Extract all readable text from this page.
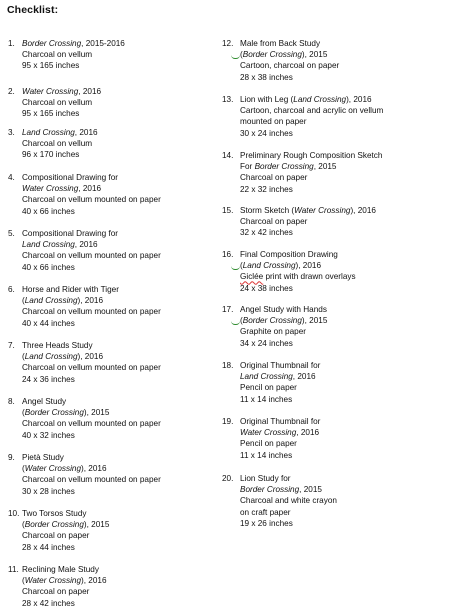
Checklist:
1. Border Crossing, 2015-2016
Charcoal on vellum
95 x 165 inches
2. Water Crossing, 2016
Charcoal on vellum
95 x 165 inches
3. Land Crossing, 2016
Charcoal on vellum
96 x 170 inches
4. Compositional Drawing for
Water Crossing, 2016
Charcoal on vellum mounted on paper
40 x 66 inches
5. Compositional Drawing for
Land Crossing, 2016
Charcoal on vellum mounted on paper
40 x 66 inches
6. Horse and Rider with Tiger
(Land Crossing), 2016
Charcoal on vellum mounted on paper
40 x 44 inches
7. Three Heads Study
(Land Crossing), 2016
Charcoal on vellum mounted on paper
24 x 36 inches
8. Angel Study
(Border Crossing), 2015
Charcoal on vellum mounted on paper
40 x 32 inches
9. Pietà Study
(Water Crossing), 2016
Charcoal on vellum mounted on paper
30 x 28 inches
10. Two Torsos Study
(Border Crossing), 2015
Charcoal on paper
28 x 44 inches
11. Reclining Male Study
(Water Crossing), 2016
Charcoal on paper
28 x 42 inches
12. Male from Back Study
(Border Crossing), 2015
Cartoon, charcoal on paper
28 x 38 inches
13. Lion with Leg (Land Crossing), 2016
Cartoon, charcoal and acrylic on vellum
mounted on paper
30 x 24 inches
14. Preliminary Rough Composition Sketch
For Border Crossing, 2015
Charcoal on paper
22 x 32 inches
15. Storm Sketch (Water Crossing), 2016
Charcoal on paper
32 x 42 inches
16. Final Composition Drawing
(Land Crossing), 2016
Giclée print with drawn overlays
24 x 38 inches
17. Angel Study with Hands
(Border Crossing), 2015
Graphite on paper
34 x 24 inches
18. Original Thumbnail for
Land Crossing, 2016
Pencil on paper
11 x 14 inches
19. Original Thumbnail for
Water Crossing, 2016
Pencil on paper
11 x 14 inches
20. Lion Study for
Border Crossing, 2015
Charcoal and white crayon
on craft paper
19 x 26 inches
